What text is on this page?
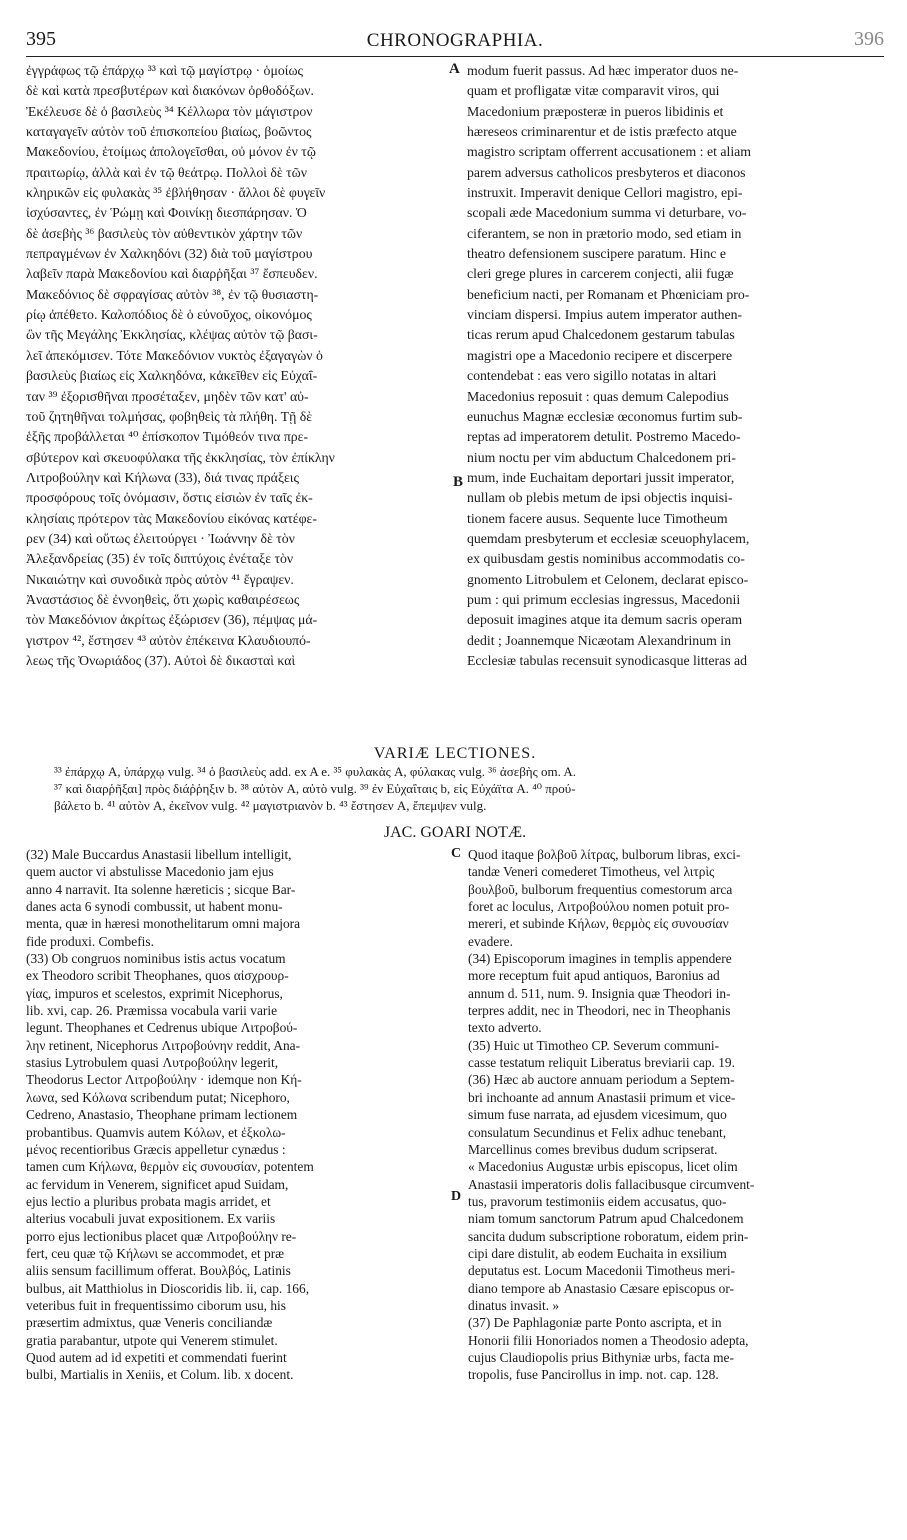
395	CHRONOGRAPHIA.	396
ἐγγράφως τῷ ἐπάρχῳ ³³ καὶ τῷ μαγίστρῳ · ὁμοίως
δὲ καὶ κατὰ πρεσβυτέρων καὶ διακόνων ὀρθοδόξων.
Ἐκέλευσε δὲ ὁ βασιλεὺς ³⁴ Κέλλωρα τὸν μάγιστρον
καταγαγεῖν αὐτὸν τοῦ ἐπισκοπείου βιαίως, βοῶντος
Μακεδονίου, ἑτοίμως ἀπολογεῖσθαι, οὐ μόνον ἐν τῷ
πραιτωρίῳ, ἀλλὰ καὶ ἐν τῷ θεάτρῳ. Πολλοὶ δὲ τῶν
κληρικῶν εἰς φυλακὰς ³⁵ ἐβλήθησαν · ἄλλοι δὲ φυγεῖν
ἰσχύσαντες, ἐν Ῥώμῃ καὶ Φοινίκῃ διεσπάρησαν. Ὁ
δὲ ἀσεβὴς ³⁶ βασιλεὺς τὸν αὐθεντικὸν χάρτην τῶν
πεπραγμένων ἐν Χαλκηδόνι (32) διὰ τοῦ μαγίστρου
λαβεῖν παρὰ Μακεδονίου καὶ διαρῥῆξαι ³⁷ ἔσπευδεν.
Μακεδόνιος δὲ σφραγίσας αὐτὸν ³⁸, ἐν τῷ θυσιαστη-
ρίῳ ἀπέθετο. Καλοπόδιος δὲ ὁ εὐνοῦχος, οἰκονόμος
ὢν τῆς Μεγάλης Ἐκκλησίας, κλέψας αὐτὸν τῷ βασι-
λεῖ ἀπεκόμισεν. Τότε Μακεδόνιον νυκτὸς ἐξαγαγὼν ὁ
βασιλεὺς βιαίως εἰς Χαλκηδόνα, κἀκεῖθεν εἰς Εὐχαΐ-
ταν ³⁹ ἐξορισθῆναι προσέταξεν, μηδὲν τῶν κατ' αὐ-
τοῦ ζητηθῆναι τολμήσας, φοβηθεὶς τὰ πλήθη. Τῇ δὲ
ἑξῆς προβάλλεται ⁴⁰ ἐπίσκοπον Τιμόθεόν τινα πρε-
σβύτερον καὶ σκευοφύλακα τῆς ἐκκλησίας, τὸν ἐπίκλην
Λιτροβούλην καὶ Κήλωνα (33), διά τινας πράξεις
προσφόρους τοῖς ὀνόμασιν, ὅστις εἰσιὼν ἐν ταῖς ἐκ-
κλησίαις πρότερον τὰς Μακεδονίου εἰκόνας κατέφε-
ρεν (34) καὶ οὕτως ἐλειτούργει · Ἰωάννην δὲ τὸν
Ἀλεξανδρείας (35) ἐν τοῖς διπτύχοις ἐνέταξε τὸν
Νικαιώτην καὶ συνοδικὰ πρὸς αὐτὸν ⁴¹ ἔγραψεν.
Ἀναστάσιος δὲ ἐννοηθεὶς, ὅτι χωρὶς καθαιρέσεως
τὸν Μακεδόνιον ἀκρίτως ἐξώρισεν (36), πέμψας μά-
γιστρον ⁴², ἔστησεν ⁴³ αὐτὸν ἐπέκεινα Κλαυδιουπό-
λεως τῆς Ὀνωριάδος (37). Αὐτοὶ δὲ δικασταὶ καὶ
A
B
modum fuerit passus. Ad hæc imperator duos ne-
quam et profligatæ vitæ comparavit viros, qui
Macedonium præposteræ in pueros libidinis et
hæreseos criminarentur et de istis præfecto atque
magistro scriptam offerrent accusationem : et aliam
parem adversus catholicos presbyteros et diaconos
instruxit. Imperavit denique Cellori magistro, epi-
scopali æde Macedonium summa vi deturbare, vo-
ciferantem, se non in prætorio modo, sed etiam in
theatro defensionem suscipere paratum. Hinc e
cleri grege plures in carcerem conjecti, alii fugæ
beneficium nacti, per Romanam et Phœniciam pro-
vinciam dispersi. Impius autem imperator authen-
ticas rerum apud Chalcedonem gestarum tabulas
magistri ope a Macedonio recipere et discerpere
contendebat : eas vero sigillo notatas in altari
Macedonius reposuit : quas demum Calepodius
eunuchus Magnæ ecclesiæ œconomus furtim sub-
reptas ad imperatorem detulit. Postremo Macedo-
nium noctu per vim abductum Chalcedonem pri-
mum, inde Euchaitam deportari jussit imperator,
nullam ob plebis metum de ipsi objectis inquisi-
tionem facere ausus. Sequente luce Timotheum
quemdam presbyterum et ecclesiæ sceuophylacem,
ex quibusdam gestis nominibus accommodatis co-
gnomento Litrobulem et Celonem, declarat episco-
pum : qui primum ecclesias ingressus, Macedonii
deposuit imagines atque ita demum sacris operam
dedit ; Joannemque Nicæotam Alexandrinum in
Ecclesiæ tabulas recensuit synodicasque litteras ad
VARIÆ LECTIONES.

³³ ἐπάρχῳ A, ὑπάρχῳ vulg. ³⁴ ὁ βασιλεὺς add. ex A e. ³⁵ φυλακὰς A, φύλακας vulg. ³⁶ ἀσεβὴς om. A.

³⁷ καὶ διαρῥῆξαι] πρὸς διάῤῥηξιν b. ³⁸ αὐτὸν A, αὐτὸ vulg. ³⁹ ἐν Εὐχαΐταις b, εἰς Εὐχάϊτα A. ⁴⁰ πρού-

βάλετο b. ⁴¹ αὐτὸν A, ἐκεῖνον vulg. ⁴² μαγιστριανὸν b. ⁴³ ἔστησεν A, ἔπεμψεν vulg.

JAC. GOARI NOTÆ.
(32) Male Buccardus Anastasii libellum intelligit,
quem auctor vi abstulisse Macedonio jam ejus
anno 4 narravit. Ita solenne hæreticis ; sicque Bar-
danes acta 6 synodi combussit, ut habent monu-
menta, quæ in hæresi monothelitarum omni majora
fide produxi. Combefis.
(33) Ob congruos nominibus istis actus vocatum
ex Theodoro scribit Theophanes, quos αἰσχρουρ-
γίας, impuros et scelestos, exprimit Nicephorus,
lib. xvi, cap. 26. Præmissa vocabula varii varie
legunt. Theophanes et Cedrenus ubique Λιτροβού-
λην retinent, Nicephorus Λιτροβούνην reddit, Ana-
stasius Lytrobulem quasi Λυτροβούλην legerit,
Theodorus Lector Λιτροβούλην · idemque non Κή-
λωνα, sed Κόλωνα scribendum putat; Nicephoro,
Cedreno, Anastasio, Theophane primam lectionem
probantibus. Quamvis autem Κόλων, et ἐξκολω-
μένος recentioribus Græcis appelletur cynædus :
tamen cum Κήλωνα, θερμὸν εἰς συνουσίαν, potentem
ac fervidum in Venerem, significet apud Suidam,
ejus lectio a pluribus probata magis arridet, et
alterius vocabuli juvat expositionem. Ex variis
porro ejus lectionibus placet quæ Λιτροβούλην re-
fert, ceu quæ τῷ Κήλωνι se accommodet, et præ
aliis sensum facillimum offerat. Βουλβός, Latinis
bulbus, ait Matthiolus in Dioscoridis lib. ii, cap. 166,
veteribus fuit in frequentissimo ciborum usu, his
præsertim admixtus, quæ Veneris conciliandæ
gratia parabantur, utpote qui Venerem stimulet.
Quod autem ad id expetiti et commendati fuerint
bulbi, Martialis in Xeniis, et Colum. lib. x docent.
C
D
Quod itaque βολβοῦ λίτρας, bulborum libras, exci-
tandæ Veneri comederet Timotheus, vel λιτρὶς
βουλβοῦ, bulborum frequentius comestorum arca
foret ac loculus, Λιτροβούλου nomen potuit pro-
mereri, et subinde Κήλων, θερμὸς εἰς συνουσίαν
evadere.
(34) Episcoporum imagines in templis appendere
more receptum fuit apud antiquos, Baronius ad
annum d. 511, num. 9. Insignia quæ Theodori in-
terpres addit, nec in Theodori, nec in Theophanis
texto adverto.
(35) Huic ut Timotheo CP. Severum communi-
casse testatum reliquit Liberatus breviarii cap. 19.
(36) Hæc ab auctore annuam periodum a Septem-
bri inchoante ad annum Anastasii primum et vice-
simum fuse narrata, ad ejusdem vicesimum, quo
consulatum Secundinus et Felix adhuc tenebant,
Marcellinus comes brevibus dudum scripserat.
« Macedonius Augustæ urbis episcopus, licet olim
Anastasii imperatoris dolis fallacibusque circumvent-
tus, pravorum testimoniis eidem accusatus, quo-
niam tomum sanctorum Patrum apud Chalcedonem
sancita dudum subscriptione roboratum, eidem prin-
cipi dare distulit, ab eodem Euchaita in exsilium
deputatus est. Locum Macedonii Timotheus meri-
diano tempore ab Anastasio Cæsare episcopus or-
dinatus invasit. »
(37) De Paphlagoniæ parte Ponto ascripta, et in
Honorii filii Honoriados nomen a Theodosio adepta,
cujus Claudiopolis prius Bithyniæ urbs, facta me-
tropolis, fuse Pancirollus in imp. not. cap. 128.
